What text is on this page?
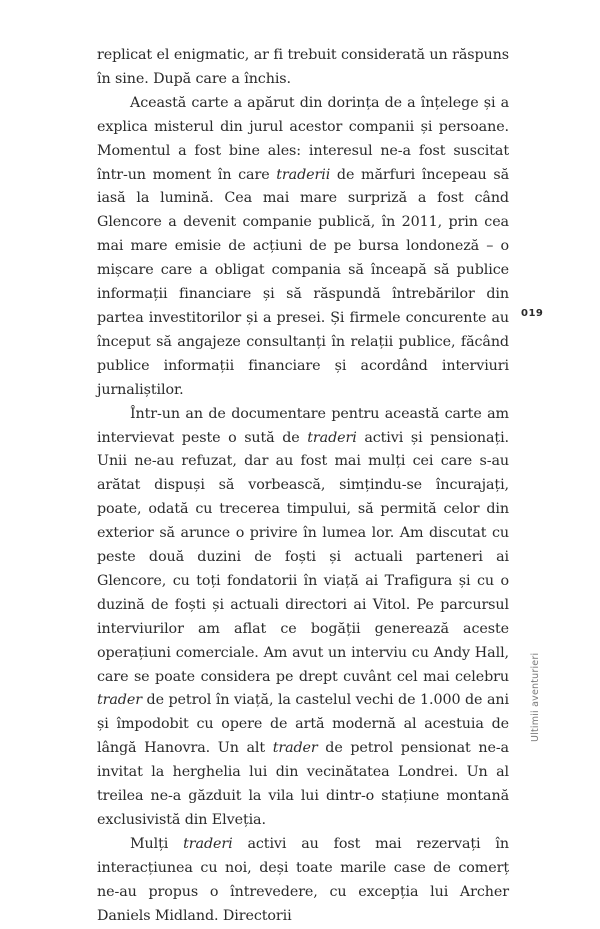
replicat el enigmatic, ar fi trebuit considerată un răspuns în sine. După care a închis.

Această carte a apărut din dorința de a înțelege și a explica misterul din jurul acestor companii și persoane. Momentul a fost bine ales: interesul ne-a fost suscitat într-un moment în care traderii de mărfuri începeau să iasă la lumină. Cea mai mare surpriză a fost când Glencore a devenit companie publică, în 2011, prin cea mai mare emisie de acțiuni de pe bursa londoneză – o mișcare care a obligat compania să înceapă să publice informații financiare și să răspundă întrebărilor din partea investitorilor și a presei. Și firmele concurente au început să angajeze consultanți în relații publice, făcând publice informații financiare și acordând interviuri jurnaliștilor.

Într-un an de documentare pentru această carte am intervievat peste o sută de traderi activi și pensionați. Unii ne-au refuzat, dar au fost mai mulți cei care s-au arătat dispuși să vorbească, simțindu-se încurajați, poate, odată cu trecerea timpului, să permită celor din exterior să arunce o privire în lumea lor. Am discutat cu peste două duzini de foști și actuali parteneri ai Glencore, cu toți fondatorii în viață ai Trafigura și cu o duzină de foști și actuali directori ai Vitol. Pe parcursul interviurilor am aflat ce bogății generează aceste operațiuni comerciale. Am avut un interviu cu Andy Hall, care se poate considera pe drept cuvânt cel mai celebru trader de petrol în viață, la castelul vechi de 1.000 de ani și împodobit cu opere de artă modernă al acestuia de lângă Hanovra. Un alt trader de petrol pensionat ne-a invitat la herghelia lui din vecinătatea Londrei. Un al treilea ne-a găzduit la vila lui dintr-o stațiune montană exclusivistă din Elveția.

Mulți traderi activi au fost mai rezervați în interacțiunea cu noi, deși toate marile case de comerț ne-au propus o întrevedere, cu excepția lui Archer Daniels Midland. Directorii

019
Ultimii aventurieri
